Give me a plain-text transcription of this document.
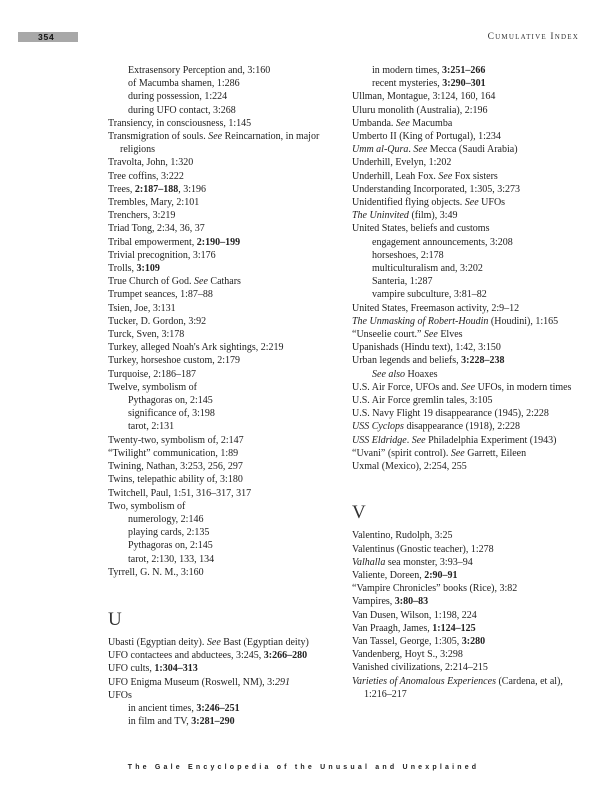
354	Cumulative Index
Extrasensory Perception and, 3:160
of Macumba shamen, 1:286
during possession, 1:224
during UFO contact, 3:268
Transiency, in consciousness, 1:145
Transmigration of souls. See Reincarnation, in major religions
Travolta, John, 1:320
Tree coffins, 3:222
Trees, 2:187–188, 3:196
Trembles, Mary, 2:101
Trenchers, 3:219
Triad Tong, 2:34, 36, 37
Tribal empowerment, 2:190–199
Trivial precognition, 3:176
Trolls, 3:109
True Church of God. See Cathars
Trumpet seances, 1:87–88
Tsien, Joe, 3:131
Tucker, D. Gordon, 3:92
Turck, Sven, 3:178
Turkey, alleged Noah's Ark sightings, 2:219
Turkey, horseshoe custom, 2:179
Turquoise, 2:186–187
Twelve, symbolism of
Pythagoras on, 2:145
significance of, 3:198
tarot, 2:131
Twenty-two, symbolism of, 2:147
“Twilight” communication, 1:89
Twining, Nathan, 3:253, 256, 297
Twins, telepathic ability of, 3:180
Twitchell, Paul, 1:51, 316–317, 317
Two, symbolism of
numerology, 2:146
playing cards, 2:135
Pythagoras on, 2:145
tarot, 2:130, 133, 134
Tyrrell, G. N. M., 3:160
U
Ubasti (Egyptian deity). See Bast (Egyptian deity)
UFO contactees and abductees, 3:245, 3:266–280
UFO cults, 1:304–313
UFO Enigma Museum (Roswell, NM), 3:291
UFOs
in ancient times, 3:246–251
in film and TV, 3:281–290
in modern times, 3:251–266
recent mysteries, 3:290–301
Ullman, Montague, 3:124, 160, 164
Uluru monolith (Australia), 2:196
Umbanda. See Macumba
Umberto II (King of Portugal), 1:234
Umm al-Qura. See Mecca (Saudi Arabia)
Underhill, Evelyn, 1:202
Underhill, Leah Fox. See Fox sisters
Understanding Incorporated, 1:305, 3:273
Unidentified flying objects. See UFOs
The Uninvited (film), 3:49
United States, beliefs and customs
engagement announcements, 3:208
horseshoes, 2:178
multiculturalism and, 3:202
Santeria, 1:287
vampire subculture, 3:81–82
United States, Freemason activity, 2:9–12
The Unmasking of Robert-Houdin (Houdini), 1:165
“Unseelie court.” See Elves
Upanishads (Hindu text), 1:42, 3:150
Urban legends and beliefs, 3:228–238
See also Hoaxes
U.S. Air Force, UFOs and. See UFOs, in modern times
U.S. Air Force gremlin tales, 3:105
U.S. Navy Flight 19 disappearance (1945), 2:228
USS Cyclops disappearance (1918), 2:228
USS Eldridge. See Philadelphia Experiment (1943)
“Uvani” (spirit control). See Garrett, Eileen
Uxmal (Mexico), 2:254, 255
V
Valentino, Rudolph, 3:25
Valentinus (Gnostic teacher), 1:278
Valhalla sea monster, 3:93–94
Valiente, Doreen, 2:90–91
“Vampire Chronicles” books (Rice), 3:82
Vampires, 3:80–83
Van Dusen, Wilson, 1:198, 224
Van Praagh, James, 1:124–125
Van Tassel, George, 1:305, 3:280
Vandenberg, Hoyt S., 3:298
Vanished civilizations, 2:214–215
Varieties of Anomalous Experiences (Cardena, et al), 1:216–217
The Gale Encyclopedia of the Unusual and Unexplained
